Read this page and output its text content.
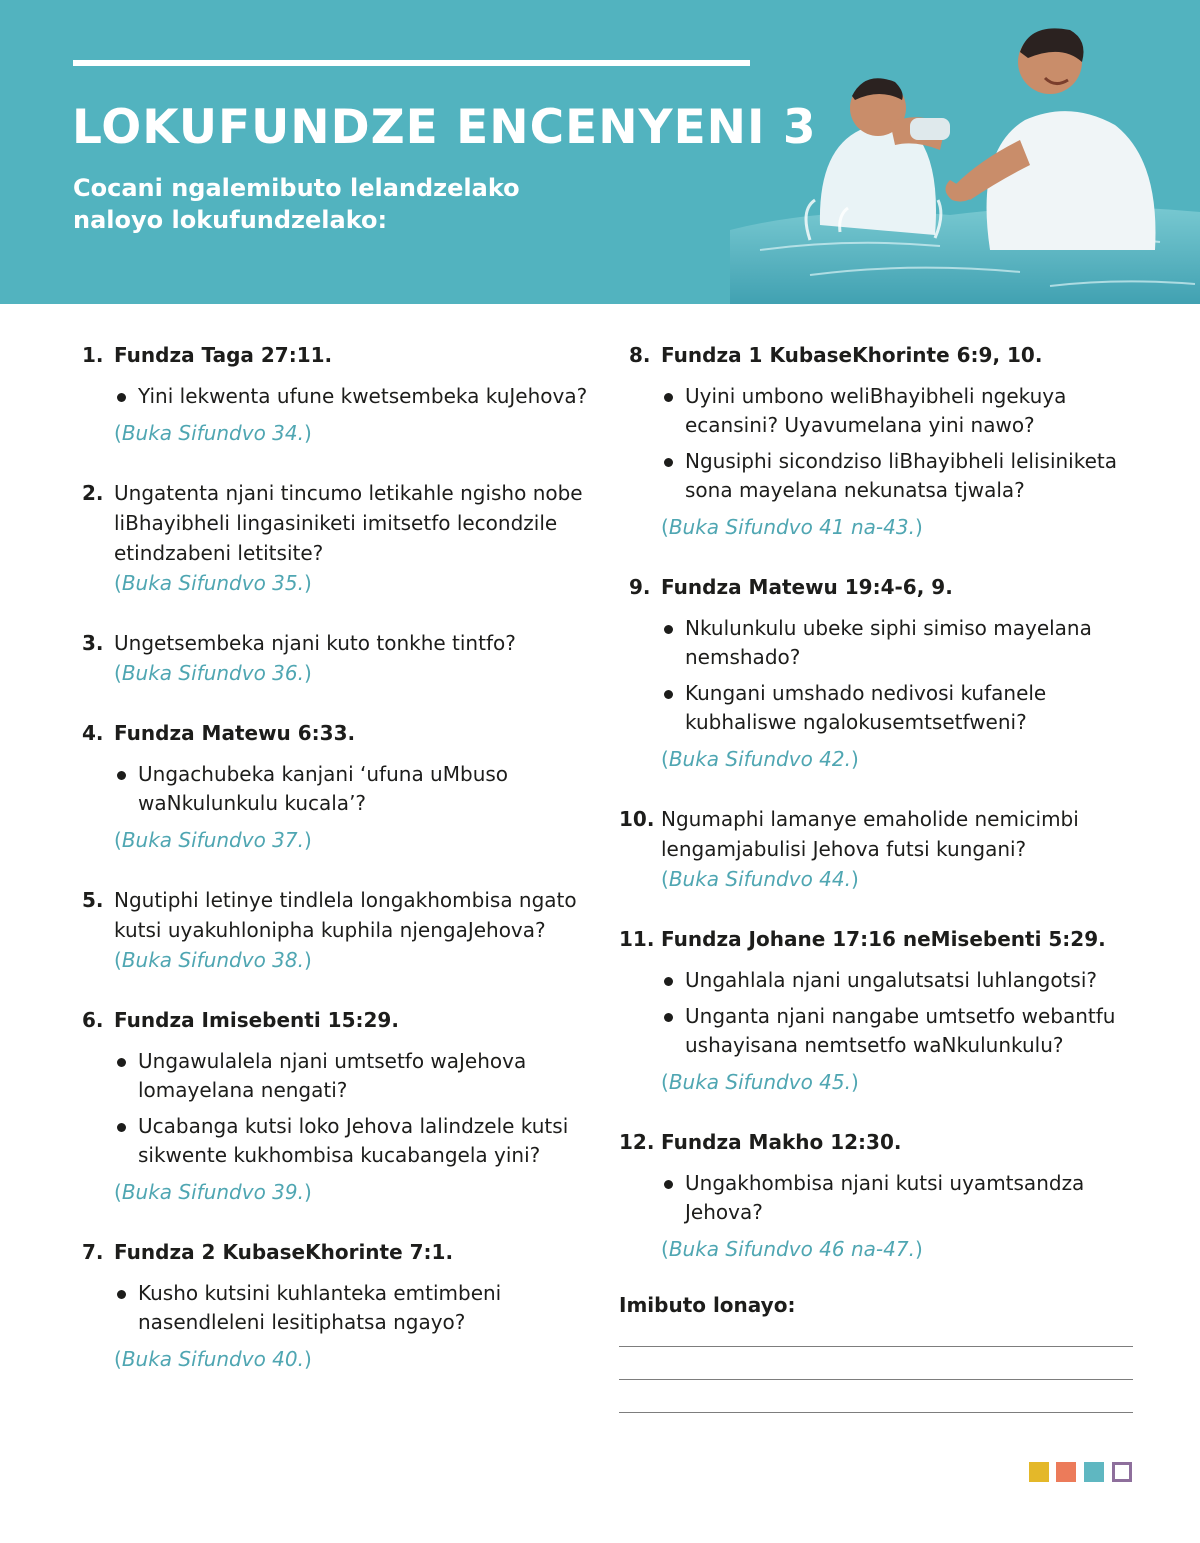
LOKUFUNDZE ENCENYENI 3
Cocani ngalemibuto lelandzelako naloyo lokufundzelako:
1. Fundza Taga 27:11.
Yini lekwenta ufune kwetsembeka kuJehova?
(Buka Sifundvo 34.)
2. Ungatenta njani tincumo letikahle ngisho nobe liBhayibheli lingasiniketi imitsetfo lecondzile etindzabeni letitsite?
(Buka Sifundvo 35.)
3. Ungetsembeka njani kuto tonkhe tintfo?
(Buka Sifundvo 36.)
4. Fundza Matewu 6:33.
Ungachubeka kanjani ‘ufuna uMbuso waNkulunkulu kucala’?
(Buka Sifundvo 37.)
5. Ngutiphi letinye tindlela longakhombisa ngato kutsi uyakuhlonipha kuphila njengaJehova?
(Buka Sifundvo 38.)
6. Fundza Imisebenti 15:29.
Ungawulalela njani umtsetfo waJehova lomayelana nengati?
Ucabanga kutsi loko Jehova lalindzele kutsi sikwente kukhombisa kucabangela yini?
(Buka Sifundvo 39.)
7. Fundza 2 KubaseKhorinte 7:1.
Kusho kutsini kuhlanteka emtimbeni nasendleleni lesitiphatsa ngayo?
(Buka Sifundvo 40.)
8. Fundza 1 KubaseKhorinte 6:9, 10.
Uyini umbono weliBhayibheli ngekuya ecansini? Uyavumelana yini nawo?
Ngusiphi sicondziso liBhayibheli lelisiniketa sona mayelana nekunatsa tjwala?
(Buka Sifundvo 41 na-43.)
9. Fundza Matewu 19:4-6, 9.
Nkulunkulu ubeke siphi simiso mayelana nemshado?
Kungani umshado nedivosi kufanele kubhaliswe ngalokusemtsetfweni?
(Buka Sifundvo 42.)
10. Ngumaphi lamanye emaholide nemicimbi lengamjabulisi Jehova futsi kungani?
(Buka Sifundvo 44.)
11. Fundza Johane 17:16 neMisebenti 5:29.
Ungahlala njani ungalutsatsi luhlangotsi?
Unganta njani nangabe umtsetfo webantfu ushayisana nemtsetfo waNkulunkulu?
(Buka Sifundvo 45.)
12. Fundza Makho 12:30.
Ungakhombisa njani kutsi uyamtsandza Jehova?
(Buka Sifundvo 46 na-47.)
Imibuto lonayo:
